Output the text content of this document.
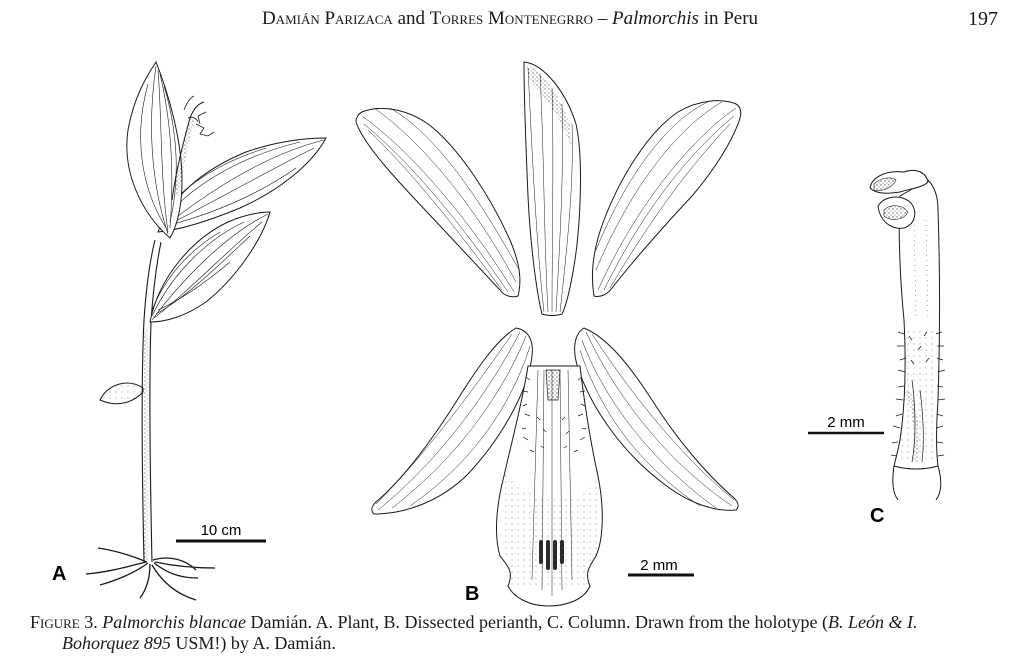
Damián Parizaca and Torres Montenegrro – Palmorchis in Peru	197
10 cm
A	2 mm
B
2 mm
C
Figure 3. Palmorchis blancae Damián. A. Plant, B. Dissected perianth, C. Column. Drawn from the holotype (B. León & I.
Bohorquez 895 USM!) by A. Damián.
